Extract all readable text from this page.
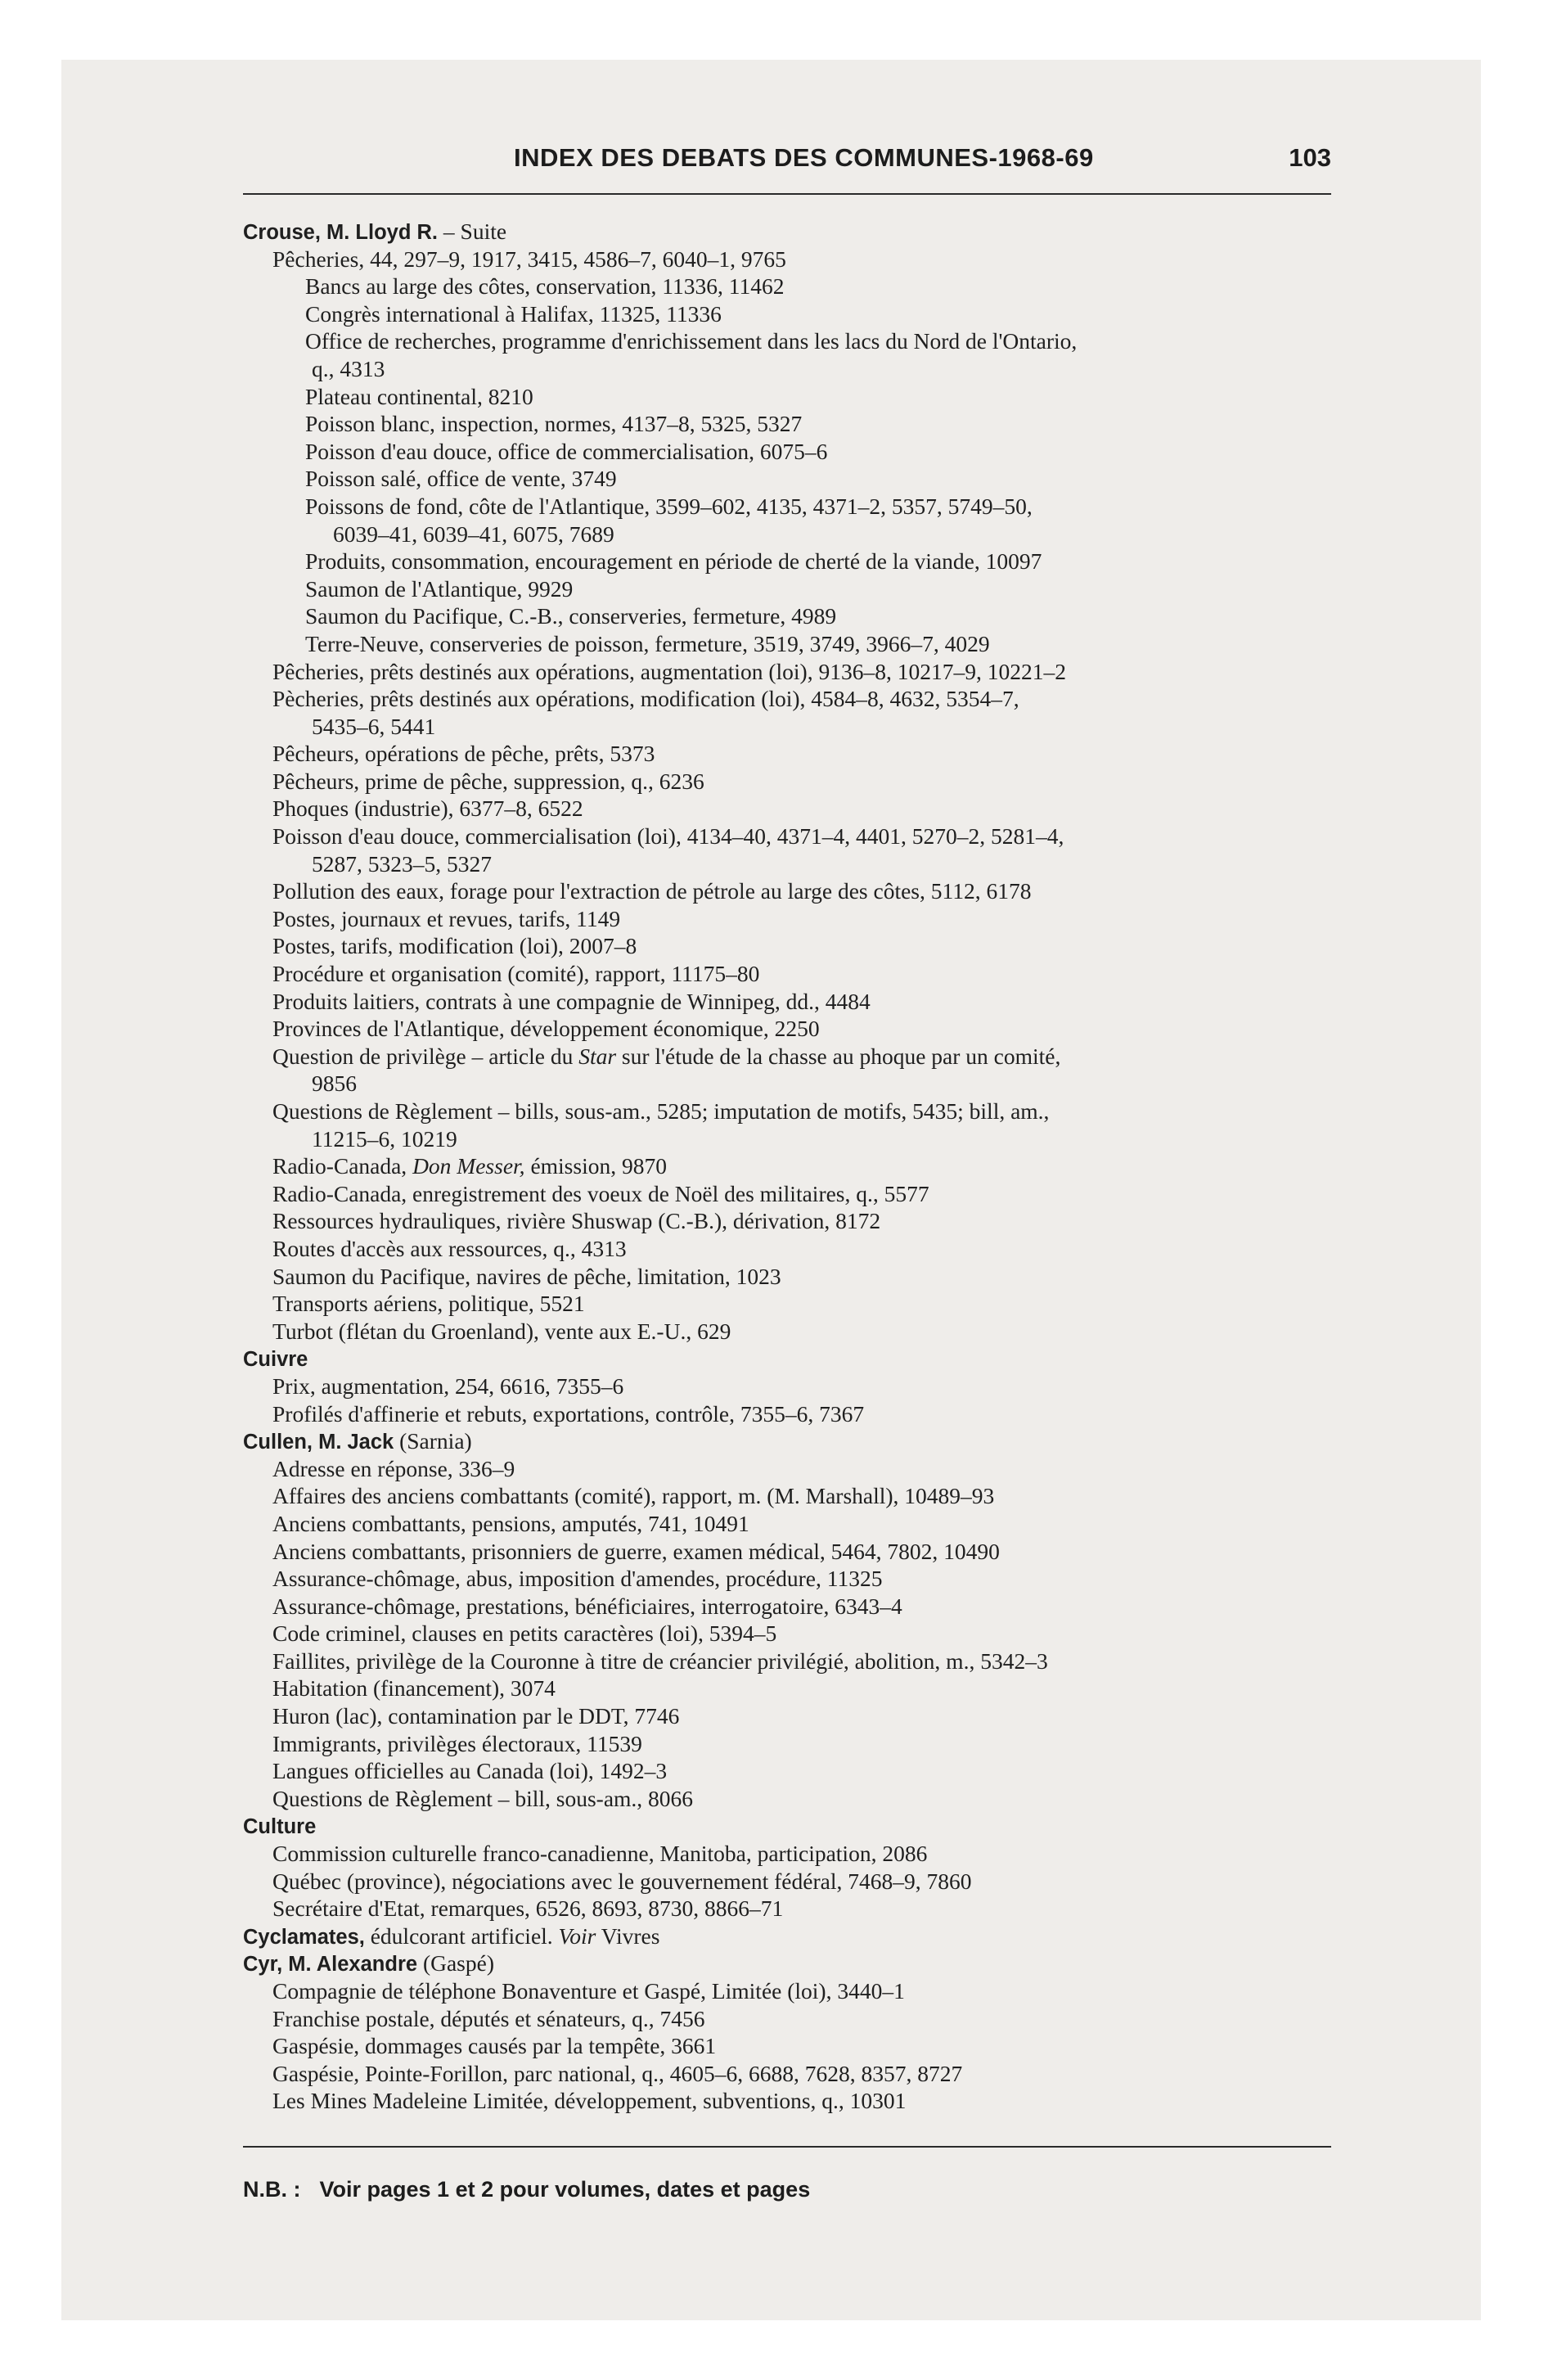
INDEX DES DEBATS DES COMMUNES-1968-69	103
Crouse, M. Lloyd R. – Suite
Pêcheries, 44, 297–9, 1917, 3415, 4586–7, 6040–1, 9765
Bancs au large des côtes, conservation, 11336, 11462
Congrès international à Halifax, 11325, 11336
Office de recherches, programme d'enrichissement dans les lacs du Nord de l'Ontario,
q., 4313
Plateau continental, 8210
Poisson blanc, inspection, normes, 4137–8, 5325, 5327
Poisson d'eau douce, office de commercialisation, 6075–6
Poisson salé, office de vente, 3749
Poissons de fond, côte de l'Atlantique, 3599–602, 4135, 4371–2, 5357, 5749–50,
6039–41, 6039–41, 6075, 7689
Produits, consommation, encouragement en période de cherté de la viande, 10097
Saumon de l'Atlantique, 9929
Saumon du Pacifique, C.-B., conserveries, fermeture, 4989
Terre-Neuve, conserveries de poisson, fermeture, 3519, 3749, 3966–7, 4029
Pêcheries, prêts destinés aux opérations, augmentation (loi), 9136–8, 10217–9, 10221–2
Pècheries, prêts destinés aux opérations, modification (loi), 4584–8, 4632, 5354–7,
5435–6, 5441
Pêcheurs, opérations de pêche, prêts, 5373
Pêcheurs, prime de pêche, suppression, q., 6236
Phoques (industrie), 6377–8, 6522
Poisson d'eau douce, commercialisation (loi), 4134–40, 4371–4, 4401, 5270–2, 5281–4,
5287, 5323–5, 5327
Pollution des eaux, forage pour l'extraction de pétrole au large des côtes, 5112, 6178
Postes, journaux et revues, tarifs, 1149
Postes, tarifs, modification (loi), 2007–8
Procédure et organisation (comité), rapport, 11175–80
Produits laitiers, contrats à une compagnie de Winnipeg, dd., 4484
Provinces de l'Atlantique, développement économique, 2250
Question de privilège – article du Star sur l'étude de la chasse au phoque par un comité,
9856
Questions de Règlement – bills, sous-am., 5285; imputation de motifs, 5435; bill, am.,
11215–6, 10219
Radio-Canada, Don Messer, émission, 9870
Radio-Canada, enregistrement des voeux de Noël des militaires, q., 5577
Ressources hydrauliques, rivière Shuswap (C.-B.), dérivation, 8172
Routes d'accès aux ressources, q., 4313
Saumon du Pacifique, navires de pêche, limitation, 1023
Transports aériens, politique, 5521
Turbot (flétan du Groenland), vente aux E.-U., 629
Cuivre
Prix, augmentation, 254, 6616, 7355–6
Profilés d'affinerie et rebuts, exportations, contrôle, 7355–6, 7367
Cullen, M. Jack (Sarnia)
Adresse en réponse, 336–9
Affaires des anciens combattants (comité), rapport, m. (M. Marshall), 10489–93
Anciens combattants, pensions, amputés, 741, 10491
Anciens combattants, prisonniers de guerre, examen médical, 5464, 7802, 10490
Assurance-chômage, abus, imposition d'amendes, procédure, 11325
Assurance-chômage, prestations, bénéficiaires, interrogatoire, 6343–4
Code criminel, clauses en petits caractères (loi), 5394–5
Faillites, privilège de la Couronne à titre de créancier privilégié, abolition, m., 5342–3
Habitation (financement), 3074
Huron (lac), contamination par le DDT, 7746
Immigrants, privilèges électoraux, 11539
Langues officielles au Canada (loi), 1492–3
Questions de Règlement – bill, sous-am., 8066
Culture
Commission culturelle franco-canadienne, Manitoba, participation, 2086
Québec (province), négociations avec le gouvernement fédéral, 7468–9, 7860
Secrétaire d'Etat, remarques, 6526, 8693, 8730, 8866–71
Cyclamates, édulcorant artificiel. Voir Vivres
Cyr, M. Alexandre (Gaspé)
Compagnie de téléphone Bonaventure et Gaspé, Limitée (loi), 3440–1
Franchise postale, députés et sénateurs, q., 7456
Gaspésie, dommages causés par la tempête, 3661
Gaspésie, Pointe-Forillon, parc national, q., 4605–6, 6688, 7628, 8357, 8727
Les Mines Madeleine Limitée, développement, subventions, q., 10301
N.B. : Voir pages 1 et 2 pour volumes, dates et pages
